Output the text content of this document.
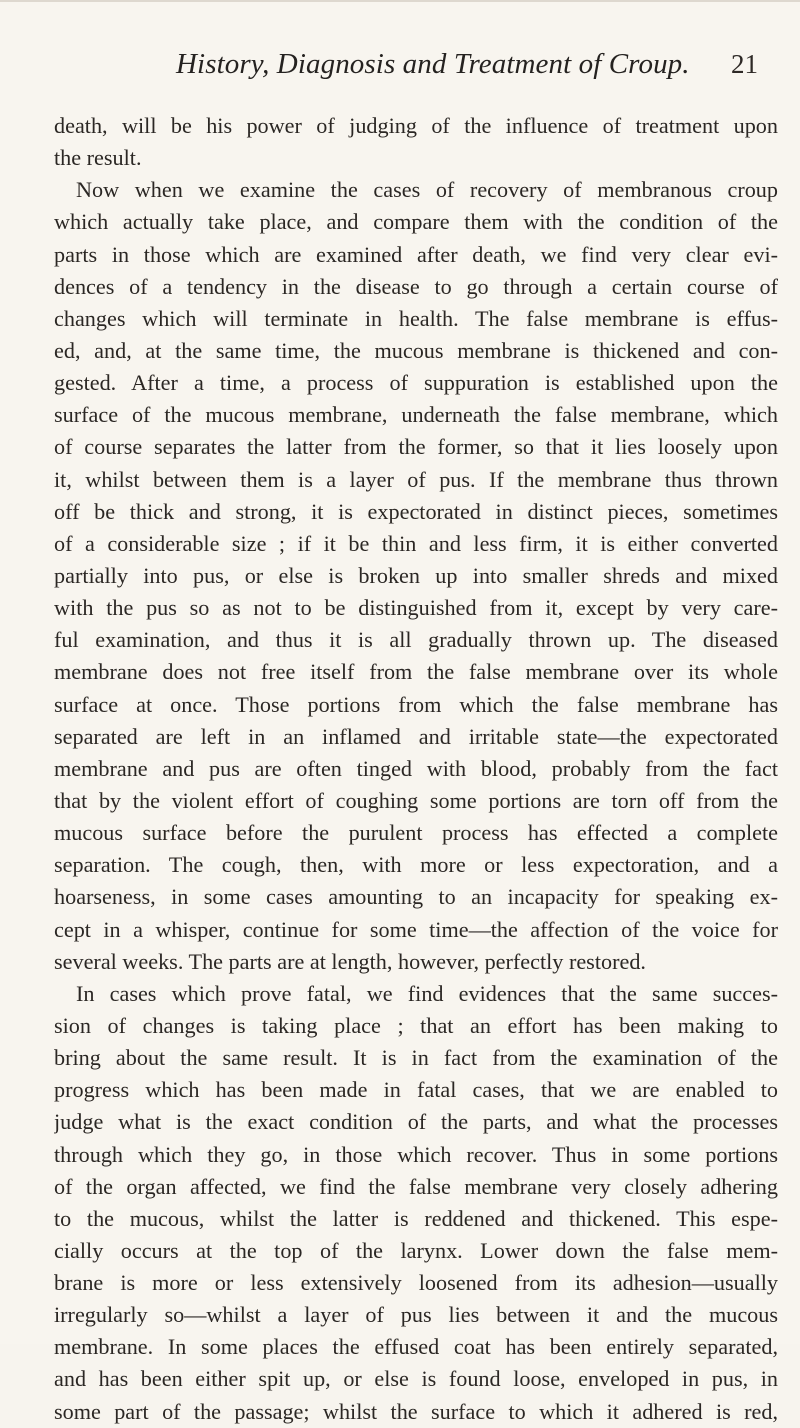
History, Diagnosis and Treatment of Croup. 21
death, will be his power of judging of the influence of treatment upon
the result.
Now when we examine the cases of recovery of membranous croup
which actually take place, and compare them with the condition of the
parts in those which are examined after death, we find very clear evi-
dences of a tendency in the disease to go through a certain course of
changes which will terminate in health. The false membrane is effus-
ed, and, at the same time, the mucous membrane is thickened and con-
gested. After a time, a process of suppuration is established upon the
surface of the mucous membrane, underneath the false membrane, which
of course separates the latter from the former, so that it lies loosely upon
it, whilst between them is a layer of pus. If the membrane thus thrown
off be thick and strong, it is expectorated in distinct pieces, sometimes
of a considerable size ; if it be thin and less firm, it is either converted
partially into pus, or else is broken up into smaller shreds and mixed
with the pus so as not to be distinguished from it, except by very care-
ful examination, and thus it is all gradually thrown up. The diseased
membrane does not free itself from the false membrane over its whole
surface at once. Those portions from which the false membrane has
separated are left in an inflamed and irritable state—the expectorated
membrane and pus are often tinged with blood, probably from the fact
that by the violent effort of coughing some portions are torn off from the
mucous surface before the purulent process has effected a complete
separation. The cough, then, with more or less expectoration, and a
hoarseness, in some cases amounting to an incapacity for speaking ex-
cept in a whisper, continue for some time—the affection of the voice for
several weeks. The parts are at length, however, perfectly restored.
In cases which prove fatal, we find evidences that the same succes-
sion of changes is taking place ; that an effort has been making to
bring about the same result. It is in fact from the examination of the
progress which has been made in fatal cases, that we are enabled to
judge what is the exact condition of the parts, and what the processes
through which they go, in those which recover. Thus in some portions
of the organ affected, we find the false membrane very closely adhering
to the mucous, whilst the latter is reddened and thickened. This espe-
cially occurs at the top of the larynx. Lower down the false mem-
brane is more or less extensively loosened from its adhesion—usually
irregularly so—whilst a layer of pus lies between it and the mucous
membrane. In some places the effused coat has been entirely separated,
and has been either spit up, or else is found loose, enveloped in pus, in
some part of the passage; whilst the surface to which it adhered is red,
